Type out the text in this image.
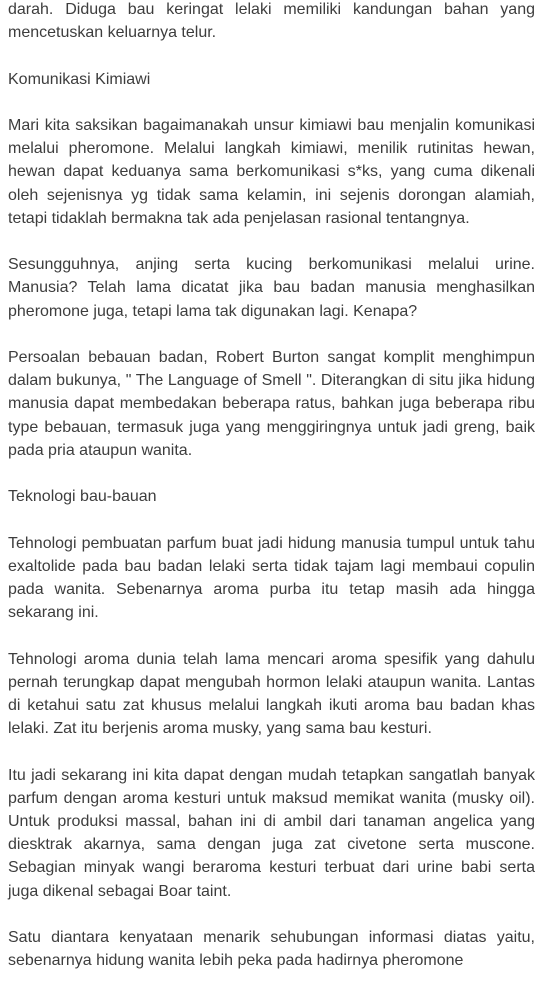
darah. Diduga bau keringat lelaki memiliki kandungan bahan yang mencetuskan keluarnya telur.

Komunikasi Kimiawi

Mari kita saksikan bagaimanakah unsur kimiawi bau menjalin komunikasi melalui pheromone. Melalui langkah kimiawi, menilik rutinitas hewan, hewan dapat keduanya sama berkomunikasi s*ks, yang cuma dikenali oleh sejenisnya yg tidak sama kelamin, ini sejenis dorongan alamiah, tetapi tidaklah bermakna tak ada penjelasan rasional tentangnya.

Sesungguhnya, anjing serta kucing berkomunikasi melalui urine. Manusia? Telah lama dicatat jika bau badan manusia menghasilkan pheromone juga, tetapi lama tak digunakan lagi. Kenapa?

Persoalan bebauan badan, Robert Burton sangat komplit menghimpun dalam bukunya, " The Language of Smell ". Diterangkan di situ jika hidung manusia dapat membedakan beberapa ratus, bahkan juga beberapa ribu type bebauan, termasuk juga yang menggiringnya untuk jadi greng, baik pada pria ataupun wanita.

Teknologi bau-bauan

Tehnologi pembuatan parfum buat jadi hidung manusia tumpul untuk tahu exaltolide pada bau badan lelaki serta tidak tajam lagi membaui copulin pada wanita. Sebenarnya aroma purba itu tetap masih ada hingga sekarang ini.

Tehnologi aroma dunia telah lama mencari aroma spesifik yang dahulu pernah terungkap dapat mengubah hormon lelaki ataupun wanita. Lantas di ketahui satu zat khusus melalui langkah ikuti aroma bau badan khas lelaki. Zat itu berjenis aroma musky, yang sama bau kesturi.

Itu jadi sekarang ini kita dapat dengan mudah tetapkan sangatlah banyak parfum dengan aroma kesturi untuk maksud memikat wanita (musky oil). Untuk produksi massal, bahan ini di ambil dari tanaman angelica yang diesktrak akarnya, sama dengan juga zat civetone serta muscone. Sebagian minyak wangi beraroma kesturi terbuat dari urine babi serta juga dikenal sebagai Boar taint.

Satu diantara kenyataan menarik sehubungan informasi diatas yaitu, sebenarnya hidung wanita lebih peka pada hadirnya pheromone
